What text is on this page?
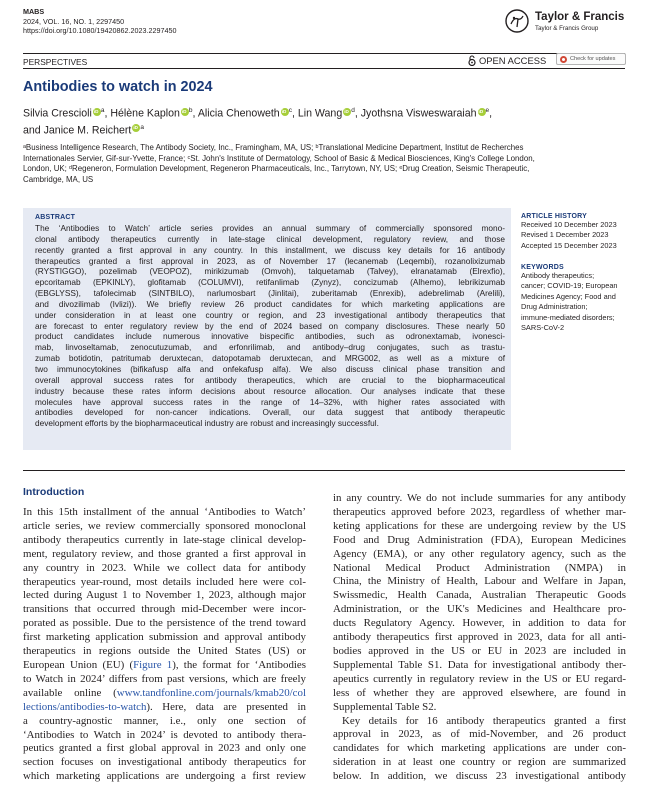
MABS
2024, VOL. 16, NO. 1, 2297450
https://doi.org/10.1080/19420862.2023.2297450
Taylor & Francis
Taylor & Francis Group
PERSPECTIVES	OPEN ACCESS	Check for updates
Antibodies to watch in 2024
Silvia Crescioli iD $^a$, Hélène Kaplon iD $^b$, Alicia Chenoweth iD $^c$, Lin Wang iD $^d$, Jyothsna Visweswaraiah iD $^e$,
and Janice M. Reichert iD $^a$
ᵃBusiness Intelligence Research, The Antibody Society, Inc., Framingham, MA, US; ᵇTranslational Medicine Department, Institut de Recherches
Internationales Servier, Gif-sur-Yvette, France; ᶜSt. John's Institute of Dermatology, School of Basic & Medical Biosciences, King's College London,
London, UK; ᵈRegeneron, Formulation Development, Regeneron Pharmaceuticals, Inc., Tarrytown, NY, US; ᵉDrug Creation, Seismic Therapeutic,
Cambridge, MA, US
ABSTRACT
The ‘Antibodies to Watch’ article series provides an annual summary of commercially sponsored mono-
clonal antibody therapeutics currently in late-stage clinical development, regulatory review, and those
recently granted a first approval in any country. In this installment, we discuss key details for 16 antibody
therapeutics granted a first approval in 2023, as of November 17 (lecanemab (Leqembi), rozanolixizumab
(RYSTIGGO), pozelimab (VEOPOZ), mirikizumab (Omvoh), talquetamab (Talvey), elranatamab (Elrexfio),
epcoritamab (EPKINLY), glofitamab (COLUMVI), retifanlimab (Zynyz), concizumab (Alhemo), lebrikizumab
(EBGLYSS), tafolecimab (SINTBILO), narlumosbart (Jinlitai), zuberitamab (Enrexib), adebrelimab (Arelili),
and divozilimab (Ivlizi)). We briefly review 26 product candidates for which marketing applications are
under consideration in at least one country or region, and 23 investigational antibody therapeutics that
are forecast to enter regulatory review by the end of 2024 based on company disclosures. These nearly 50
product candidates include numerous innovative bispecific antibodies, such as odronextamab, ivonesci-
mab, linvoseltamab, zenocutuzumab, and erfonrilimab, and antibody–drug conjugates, such as trastu-
zumab botidotin, patritumab deruxtecan, datopotamab deruxtecan, and MRG002, as well as a mixture of
two immunocytokines (bifikafusp alfa and onfekafusp alfa). We also discuss clinical phase transition and
overall approval success rates for antibody therapeutics, which are crucial to the biopharmaceutical
industry because these rates inform decisions about resource allocation. Our analyses indicate that these
molecules have approval success rates in the range of 14–32%, with higher rates associated with
antibodies developed for non-cancer indications. Overall, our data suggest that antibody therapeutic
development efforts by the biopharmaceutical industry are robust and increasingly successful.
ARTICLE HISTORY
Received 10 December 2023
Revised 1 December 2023
Accepted 15 December 2023
KEYWORDS
Antibody therapeutics;
cancer; COVID-19; European
Medicines Agency; Food and
Drug Administration;
immune-mediated disorders;
SARS-CoV-2
Introduction
In this 15th installment of the annual ‘Antibodies to Watch’
article series, we review commercially sponsored monoclonal
antibody therapeutics currently in late-stage clinical develop-
ment, regulatory review, and those granted a first approval in
any country in 2023. While we collect data for antibody
therapeutics year-round, most details included here were col-
lected during August 1 to November 1, 2023, although major
transitions that occurred through mid-December were incor-
porated as possible. Due to the persistence of the trend toward
first marketing application submission and approval antibody
therapeutics in regions outside the United States (US) or
European Union (EU) (Figure 1), the format for ‘Antibodies
to Watch in 2024’ differs from past versions, which are freely
available online (www.tandfonline.com/journals/kmab20/col
lections/antibodies-to-watch). Here, data are presented in
a country-agnostic manner, i.e., only one section of
‘Antibodies to Watch in 2024’ is devoted to antibody thera-
peutics granted a first global approval in 2023 and only one
section focuses on investigational antibody therapeutics for
which marketing applications are undergoing a first review
in any country. We do not include summaries for any antibody
therapeutics approved before 2023, regardless of whether mar-
keting applications for these are undergoing review by the US
Food and Drug Administration (FDA), European Medicines
Agency (EMA), or any other regulatory agency, such as the
National Medical Product Administration (NMPA) in
China, the Ministry of Health, Labour and Welfare in Japan,
Swissmedic, Health Canada, Australian Therapeutic Goods
Administration, or the UK's Medicines and Healthcare pro-
ducts Regulatory Agency. However, in addition to data for
antibody therapeutics first approved in 2023, data for all anti-
bodies approved in the US or EU in 2023 are included in
Supplemental Table S1. Data for investigational antibody ther-
apeutics currently in regulatory review in the US or EU regard-
less of whether they are approved elsewhere, are found in
Supplemental Table S2.
Key details for 16 antibody therapeutics granted a first
approval in 2023, as of mid-November, and 26 product
candidates for which marketing applications are under con-
sideration in at least one country or region are summarized
below. In addition, we discuss 23 investigational antibody
